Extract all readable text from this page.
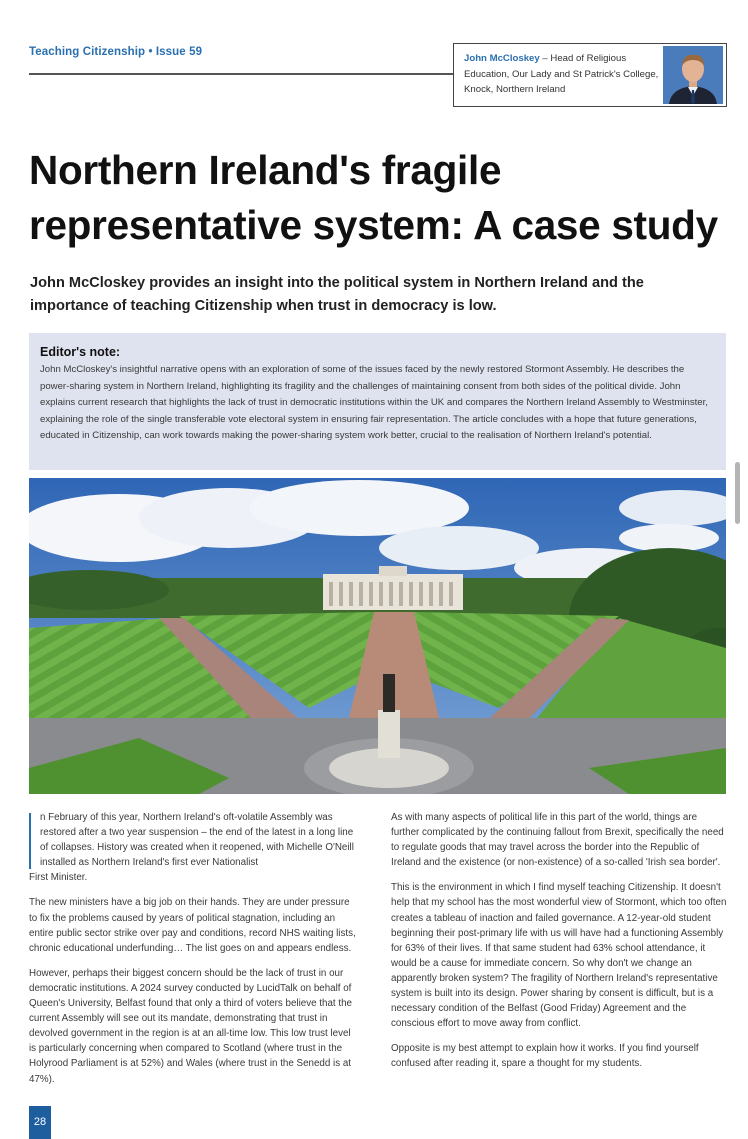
Teaching Citizenship • Issue 59
John McCloskey – Head of Religious Education, Our Lady and St Patrick's College, Knock, Northern Ireland
Northern Ireland's fragile representative system: A case study

John McCloskey provides an insight into the political system in Northern Ireland and the importance of teaching Citizenship when trust in democracy is low.

Editor's note:
John McCloskey's insightful narrative opens with an exploration of some of the issues faced by the newly restored Stormont Assembly. He describes the power-sharing system in Northern Ireland, highlighting its fragility and the challenges of maintaining consent from both sides of the political divide. John explains current research that highlights the lack of trust in democratic institutions within the UK and compares the Northern Ireland Assembly to Westminster, explaining the role of the single transferable vote electoral system in ensuring fair representation. The article concludes with a hope that future generations, educated in Citizenship, can work towards making the power-sharing system work better, crucial to the realisation of Northern Ireland's potential.

n February of this year, Northern Ireland's oft-volatile Assembly was restored after a two year suspension – the end of the latest in a long line of collapses. History was created when it reopened, with Michelle O'Neill installed as Northern Ireland's first ever Nationalist
First Minister.

The new ministers have a big job on their hands. They are under pressure to fix the problems caused by years of political stagnation, including an entire public sector strike over pay and conditions, record NHS waiting lists, chronic educational underfunding… The list goes on and appears endless.

However, perhaps their biggest concern should be the lack of trust in our democratic institutions. A 2024 survey conducted by LucidTalk on behalf of Queen's University, Belfast found that only a third of voters believe that the current Assembly will see out its mandate, demonstrating that trust in devolved government in the region is at an all-time low. This low trust level is particularly concerning when compared to Scotland (where trust in the Holyrood Parliament is at 52%) and Wales (where trust in the Senedd is at 47%).

As with many aspects of political life in this part of the world, things are further complicated by the continuing fallout from Brexit, specifically the need to regulate goods that may travel across the border into the Republic of Ireland and the existence (or non-existence) of a so-called 'Irish sea border'.

This is the environment in which I find myself teaching Citizenship. It doesn't help that my school has the most wonderful view of Stormont, which too often creates a tableau of inaction and failed governance. A 12-year-old student beginning their post-primary life with us will have had a functioning Assembly for 63% of their lives. If that same student had 63% school attendance, it would be a cause for immediate concern. So why don't we change an apparently broken system? The fragility of Northern Ireland's representative system is built into its design. Power sharing by consent is difficult, but is a necessary condition of the Belfast (Good Friday) Agreement and the conscious effort to move away from conflict.

Opposite is my best attempt to explain how it works. If you find yourself confused after reading it, spare a thought for my students.

28
